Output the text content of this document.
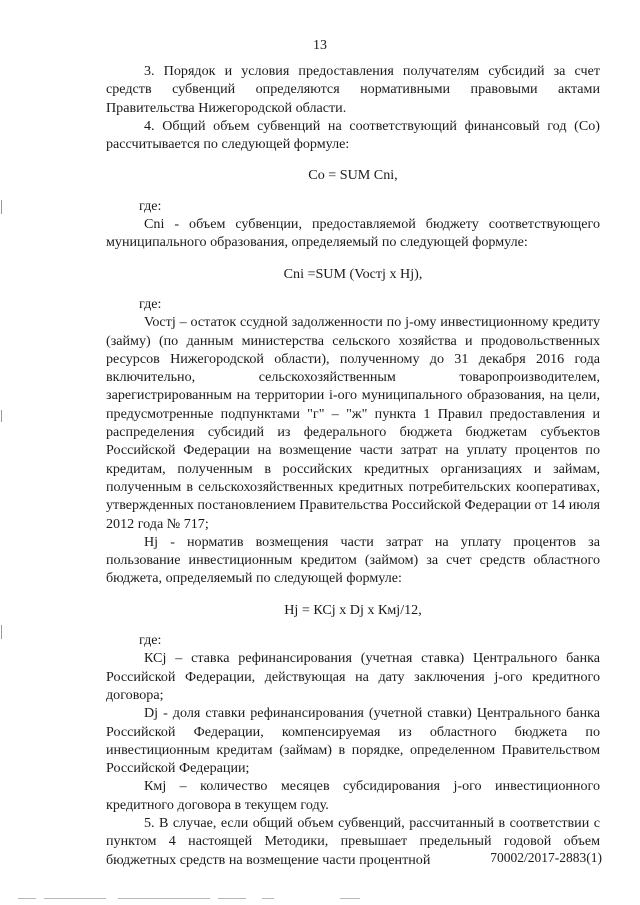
13

3. Порядок и условия предоставления получателям субсидий за счет средств субвенций определяются нормативными правовыми актами Правительства Нижегородской области.

4. Общий объем субвенций на соответствующий финансовый год (Со) рассчитывается по следующей формуле:

Со = SUM Сni,

где:

Сni - объем субвенции, предоставляемой бюджету соответствующего муниципального образования, определяемый по следующей формуле:

Сni =SUM (Voстj х Hj),

где:

Voстj – остаток ссудной задолженности по j-ому инвестиционному кредиту (займу) (по данным министерства сельского хозяйства и продовольственных ресурсов Нижегородской области), полученному до 31 декабря 2016 года включительно, сельскохозяйственным товаропроизводителем, зарегистрированным на территории i-ого муниципального образования, на цели, предусмотренные подпунктами "г" – "ж" пункта 1 Правил предоставления и распределения субсидий из федерального бюджета бюджетам субъектов Российской Федерации на возмещение части затрат на уплату процентов по кредитам, полученным в российских кредитных организациях и займам, полученным в сельскохозяйственных кредитных потребительских кооперативах, утвержденных постановлением Правительства Российской Федерации от 14 июля 2012 года № 717;

Hj - норматив возмещения части затрат на уплату процентов за пользование инвестиционным кредитом (займом) за счет средств областного бюджета, определяемый по следующей формуле:

Hj = КСj х Dj х Кмj/12,

где:

КСj – ставка рефинансирования (учетная ставка) Центрального банка Российской Федерации, действующая на дату заключения j-ого кредитного договора;

Dj - доля ставки рефинансирования (учетной ставки) Центрального банка Российской Федерации, компенсируемая из областного бюджета по инвестиционным кредитам (займам) в порядке, определенном Правительством Российской Федерации;

Кмj – количество месяцев субсидирования j-ого инвестиционного кредитного договора в текущем году.

5. В случае, если общий объем субвенций, рассчитанный в соответствии с пунктом 4 настоящей Методики, превышает предельный годовой объем бюджетных средств на возмещение части процентной	70002/2017-2883(1)
